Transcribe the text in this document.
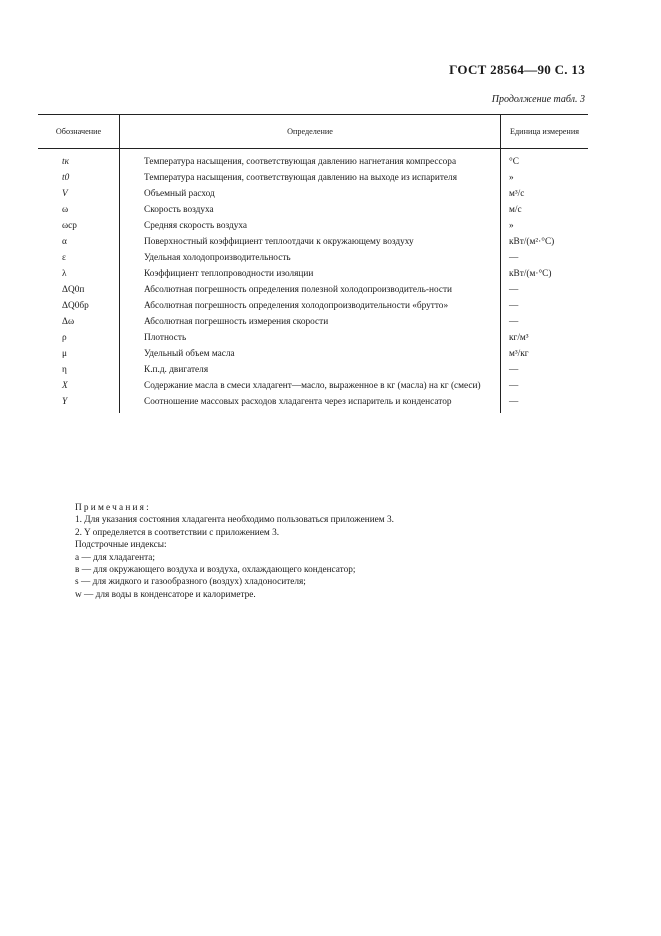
ГОСТ 28564—90 С. 13
Продолжение табл. 3
Обозначение	Определение	Единица измерения
tк	Температура насыщения, соответствующая давлению нагнетания компрессора	°С
t0	Температура насыщения, соответствующая давлению на выходе из испарителя	»
V	Объемный расход	м³/с
ω	Скорость воздуха	м/с
ωср	Средняя скорость воздуха	»
α	Поверхностный коэффициент теплоотдачи к окружающему воздуху	кВт/(м²·°С)
ε	Удельная холодопроизводительность	—
λ	Коэффициент теплопроводности изоляции	кВт/(м·°С)
ΔQ0п	Абсолютная погрешность определения полезной холодопроизводитель-ности	—
ΔQ0бр	Абсолютная погрешность определения холодопроизводительности «брутто»	—
Δω	Абсолютная погрешность измерения скорости	—
ρ	Плотность	кг/м³
μ	Удельный объем масла	м³/кг
η	К.п.д. двигателя	—
X	Содержание масла в смеси хладагент—масло, выраженное в кг (масла) на кг (смеси)	—
Y	Соотношение массовых расходов хладагента через испаритель и конденсатор	—
Примечания:
1. Для указания состояния хладагента необходимо пользоваться приложением 3.
2. Y определяется в соответствии с приложением 3.
Подстрочные индексы:
а — для хладагента;
в — для окружающего воздуха и воздуха, охлаждающего конденсатор;
s — для жидкого и газообразного (воздух) хладоносителя;
w — для воды в конденсаторе и калориметре.
